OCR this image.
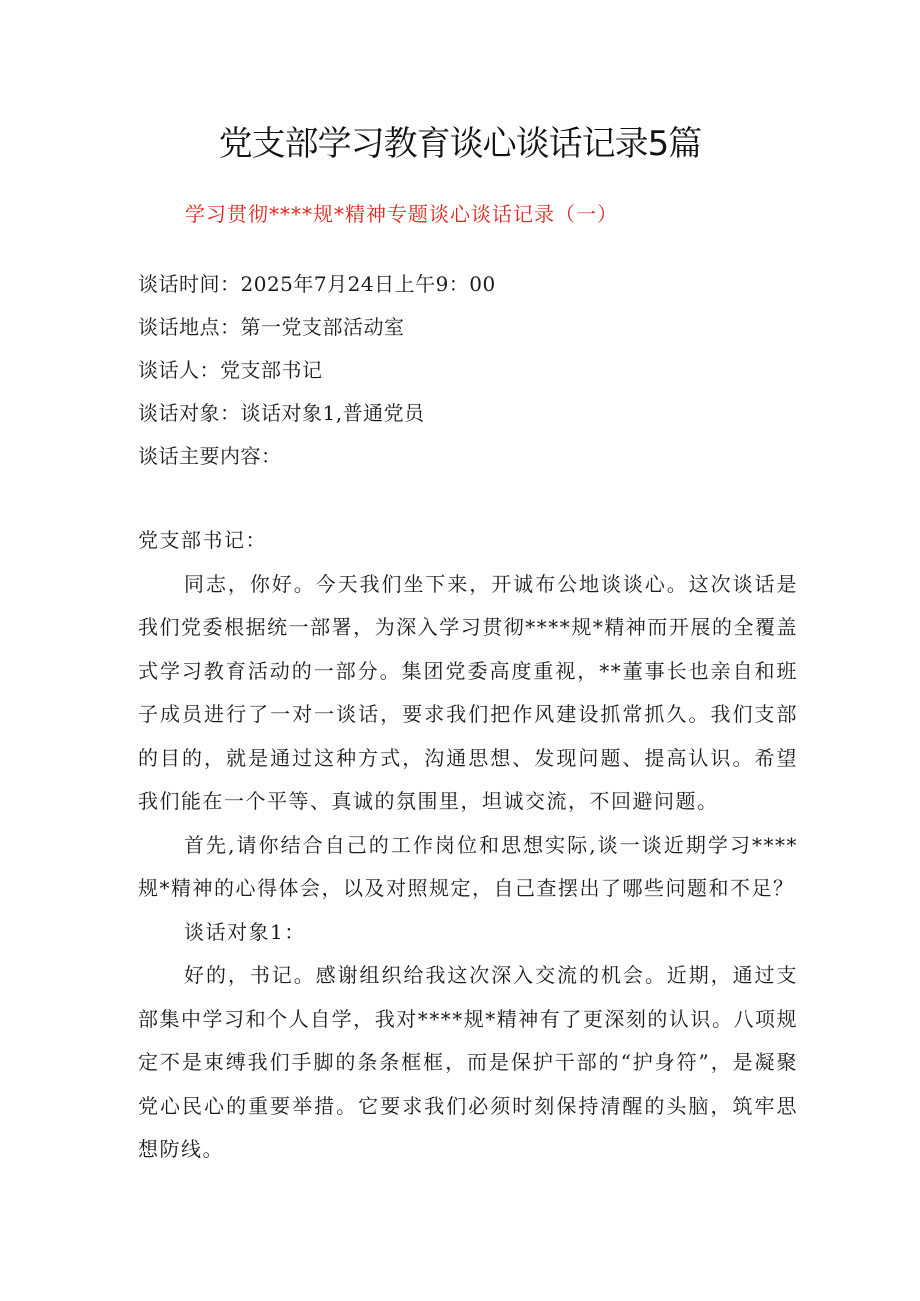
党支部学习教育谈心谈话记录5篇
学习贯彻****规*精神专题谈心谈话记录（一）

谈话时间：2025年7月24日上午9：00

谈话地点：第一党支部活动室

谈话人：党支部书记

谈话对象：谈话对象1,普通党员

谈话主要内容：

党支部书记：

同志，你好。今天我们坐下来，开诚布公地谈谈心。这次谈话是我们党委根据统一部署，为深入学习贯彻****规*精神而开展的全覆盖式学习教育活动的一部分。集团党委高度重视，**董事长也亲自和班子成员进行了一对一谈话，要求我们把作风建设抓常抓久。我们支部的目的，就是通过这种方式，沟通思想、发现问题、提高认识。希望我们能在一个平等、真诚的氛围里，坦诚交流，不回避问题。

首先,请你结合自己的工作岗位和思想实际,谈一谈近期学习****规*精神的心得体会，以及对照规定，自己查摆出了哪些问题和不足？

谈话对象1：

好的，书记。感谢组织给我这次深入交流的机会。近期，通过支部集中学习和个人自学，我对****规*精神有了更深刻的认识。八项规定不是束缚我们手脚的条条框框，而是保护干部的“护身符”，是凝聚党心民心的重要举措。它要求我们必须时刻保持清醒的头脑，筑牢思想防线。
